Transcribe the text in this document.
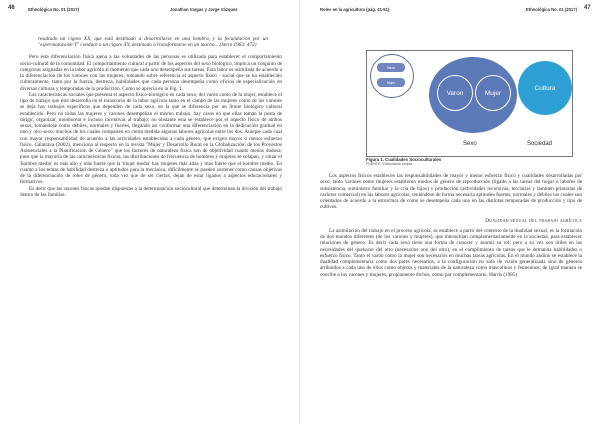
46	Ethnológica No. 01 (2017)	Jonathan Vargas y Jorge Vázquez
resultado un cigoto XX, que está destinado a desarrollarse en una hembra, y la fecundación por un "espermatozoide Y" conduce a un cigoto XY, destinado a transformarse en un macho... (Stern 1963: 472)

Pero esta diferenciación física ajena a las voluntades de las personas es utilizada para establecer el comportamiento socio-cultural de la comunidad. El comportamiento cultural a partir de los aspectos del sexo biológico, implica un conjunto de categorías asignadas en la labor agrícola al momento que cada uno desempeña sus tareas. Esta labor es asimilada de acuerdo a la diferenciación de los varones con las mujeres, tomando sobre referencia el aspecto físico - social que se ha establecido culturalmente, tanto por la fuerza, destreza, habilidades que cada persona desempeña como oficios de especialización en diversas culturas y temporadas de la producción. Como se aprecia en la Fig. 1.

Las características sociales que presenta el aspecto físico-biológico en cada sexo, del varón como de la mujer, establece el tipo de trabajo que éste desarrolla en el transcurso de la labor agrícola tanto en el campo de las mujeres como de los varones se deja hay trabajos específicos que dependen de cada sexo, en la que se diferencia por un límite biológico cultural establecido. Pero no todas las mujeres y varones desempeñan el mismo trabajo, hay casos en que ellas toman la posta de dirigir, organizar, monitorear e incluso incentivar al trabajo; no obstante esta se establece por el aspecto físico de ambos sexos, tomándose como débiles, normales y fuertes, llegando así conformar una diferenciación en la dedicación gradual en uno y otro sexo, muchos de los cuales comparten en cierta medida algunas labores agrícolas entre los dos. Aunque cada cual con mayor responsabilidad de acuerdo a las actividades establecidas a cada género, que exigen mayor o menor esfuerzo físico. Calatrava (2002), menciona al respecto en la revista "Mujer y Desarrollo Rural en la Globalización: de los Proyectos Asistenciales a la Planificación de Género" que los factores de naturaleza física son de objetividad cuanto menos dudosa; pues que la mayoría de las características físicas, las distribuciones de frecuencia de hombres y mujeres se solapan, y situar el 'hombre medio' es más alto y más fuerte que la 'mujer media' hay mujeres más altas y más fuerte que el hombre medio. En cuanto a los temas de habilidad destreza o aptitudes para la mecánica, difícilmente se pueden sostener como causas objetivas de la diferenciación de roles de género, toda vez que de ser ciertas, dejan de estar ligados a aspectos educacionales y formativos.

Es decir que las razones físicas quedan dispuestas a la determinación sociocultural que determinan la división del trabajo dentro de las familias.

Roles en la agricultura (pág. 41-51)	Ethnológica No. 01 (2017) 47
Varón
Mujer
Varon	Mujer
Cultura
Sexo	Sociedad
Figura 1. Cualidades Socioculturales
FUENTE: Elaboración propia

Los aspectos físicos establecen las responsabilidades de mayor y menor esfuerzo físico y cualidades desarrolladas por sexo, tanto varones como mujeres establecen modos de género de reproducción (ligado a las tareas del hogar o labores de subsistencia, suministro familiar y la cría de hijos) y producción (actividades recursivas, terciarias y también primarias de carácter comercial) en las labores agrícolas, teniéndose de forma necesaria aptitudes fuertes, normales y débiles los cuales son orientados de acuerdo a la estructura de cómo se desempeña cada uno en las distintas temporadas de producción y tipo de cultivos.

Dualidad sexual del trabajo agrícola

La asimilación del trabajo en el proceso agrícola, se establece a partir del contexto de la dualidad sexual, es la formación de dos mundos diferentes (de los varones y mujeres), que interactúan complementariamente en la sociedad, para establecer relaciones de género. Es decir cada sexo tiene una forma de conocer y asumir su rol; pero a su vez son útiles en las necesidades del quehacer del otro (necesarios uno del otro), en el cumplimiento de tareas que le demanda habilidades o esfuerzo físico. Tanto el varón como la mujer son necesarios en muchas tareas agrícolas. En el mundo andino se establece la dualidad complementaria como dos pares necesarios, a la configuración no solo de visión generalizada sino de géneros atribuidos a cada uno de ellos como objetos y materiales de la naturaleza como masculinos y femeninos; de igual manera se concibe a los varones y mujeres, propiamente dichos, como par complementario. Harris (1985).
